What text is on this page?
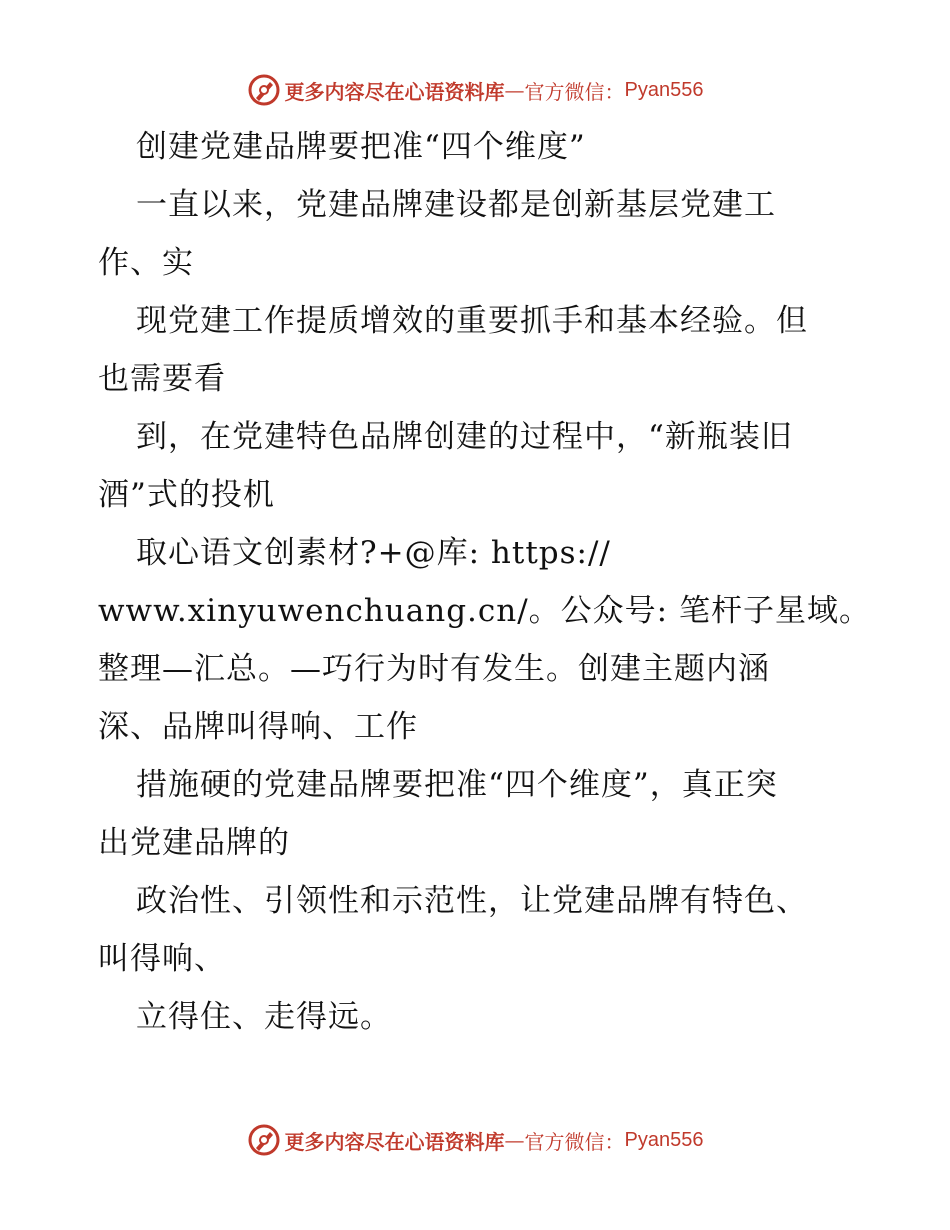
更多内容尽在心语资料库 — 官方微信： Pyan556
创建党建品牌要把准“四个维度”
一直以来，党建品牌建设都是创新基层党建工
作、实
现党建工作提质增效的重要抓手和基本经验。但
也需要看
到，在党建特色品牌创建的过程中，“新瓶装旧
酒”式的投机
取心语文创素材?+@库: https://
www.xinyuwenchuang.cn/。公众号: 笔杆子星域。
整理—汇总。—巧行为时有发生。创建主题内涵
深、品牌叫得响、工作
措施硬的党建品牌要把准“四个维度”，真正突
出党建品牌的
政治性、引领性和示范性，让党建品牌有特色、
叫得响、
立得住、走得远。
更多内容尽在心语资料库 — 官方微信： Pyan556
